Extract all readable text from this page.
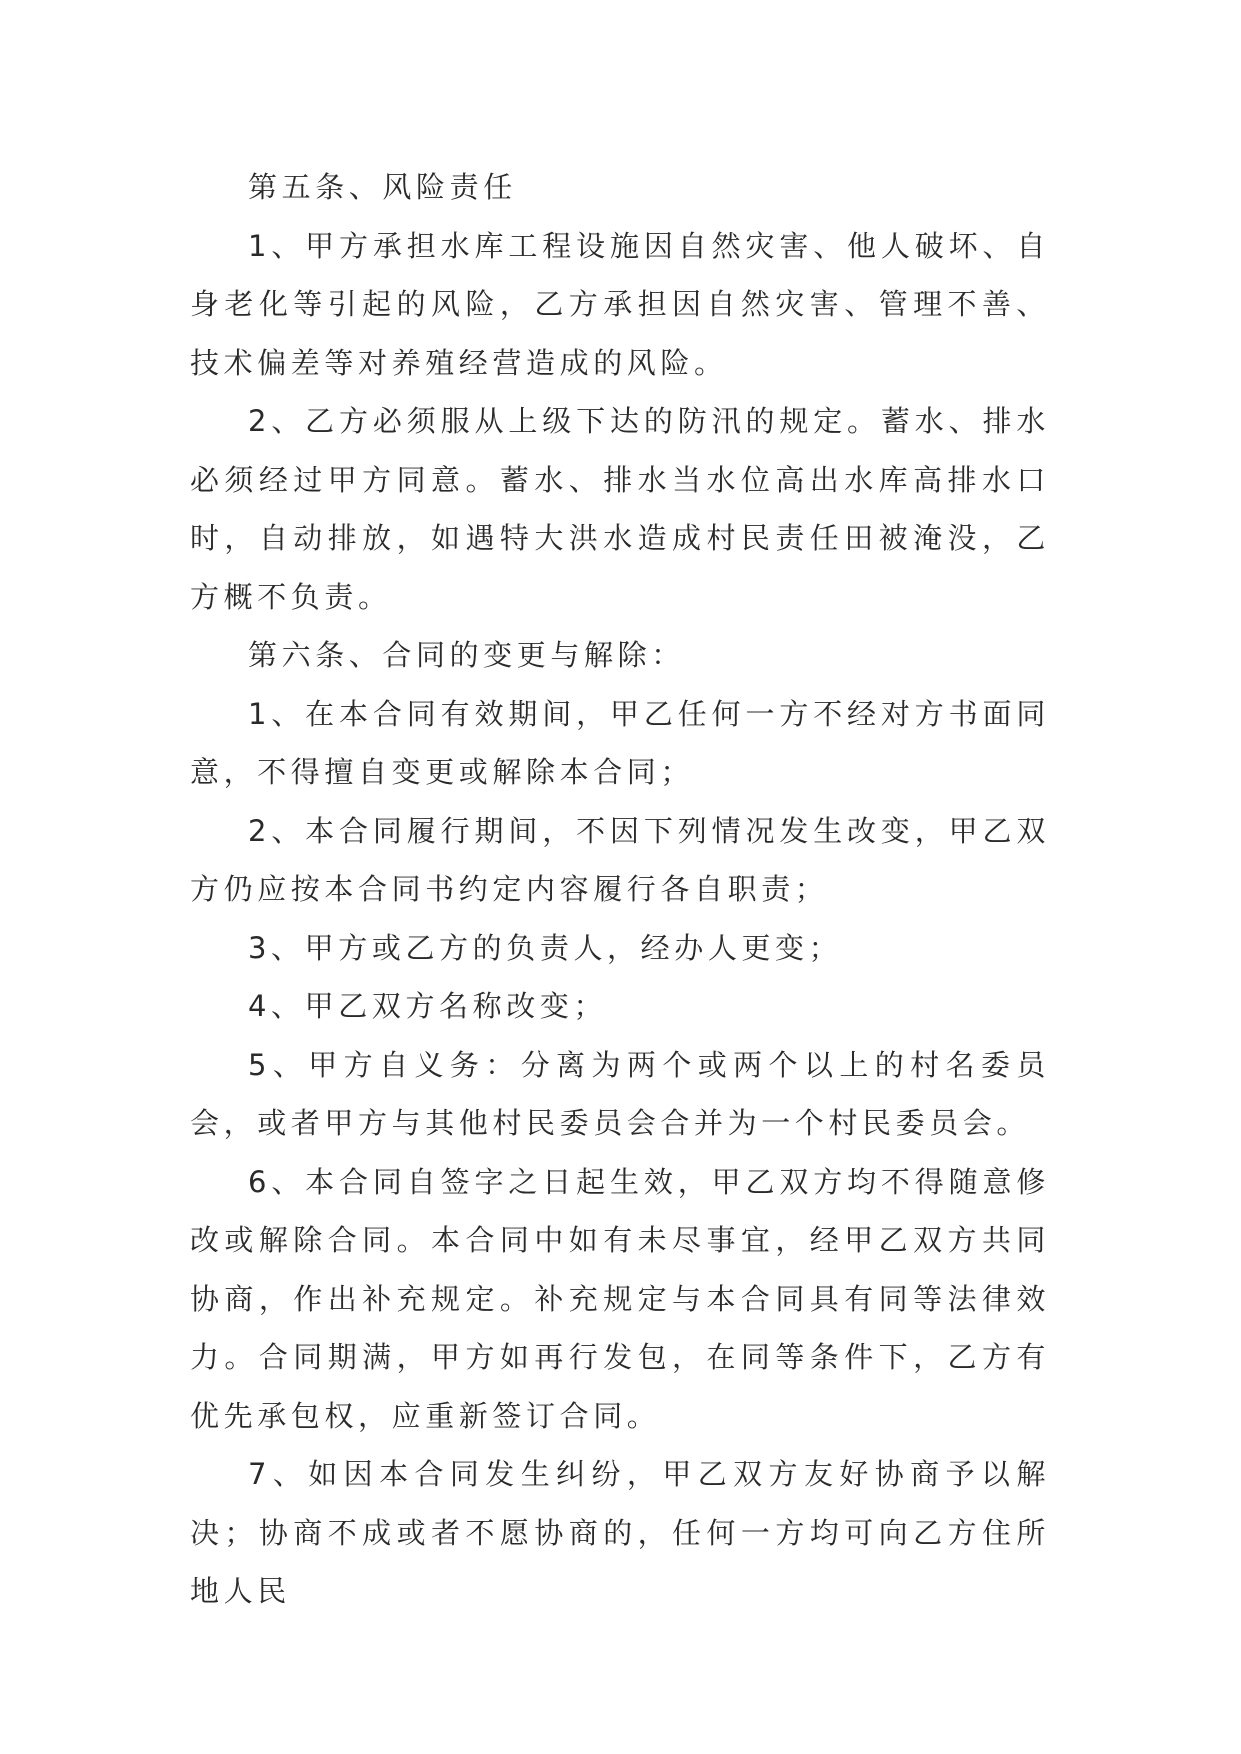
第五条、风险责任

1、甲方承担水库工程设施因自然灾害、他人破坏、自身老化等引起的风险，乙方承担因自然灾害、管理不善、技术偏差等对养殖经营造成的风险。

2、乙方必须服从上级下达的防汛的规定。蓄水、排水必须经过甲方同意。蓄水、排水当水位高出水库高排水口时，自动排放，如遇特大洪水造成村民责任田被淹没，乙方概不负责。

第六条、合同的变更与解除：

1、在本合同有效期间，甲乙任何一方不经对方书面同意，不得擅自变更或解除本合同；

2、本合同履行期间，不因下列情况发生改变，甲乙双方仍应按本合同书约定内容履行各自职责；

3、甲方或乙方的负责人，经办人更变；

4、甲乙双方名称改变；

5、甲方自义务：分离为两个或两个以上的村名委员会，或者甲方与其他村民委员会合并为一个村民委员会。

6、本合同自签字之日起生效，甲乙双方均不得随意修改或解除合同。本合同中如有未尽事宜，经甲乙双方共同协商，作出补充规定。补充规定与本合同具有同等法律效力。合同期满，甲方如再行发包，在同等条件下，乙方有优先承包权，应重新签订合同。

7、如因本合同发生纠纷，甲乙双方友好协商予以解决；协商不成或者不愿协商的，任何一方均可向乙方住所地人民
